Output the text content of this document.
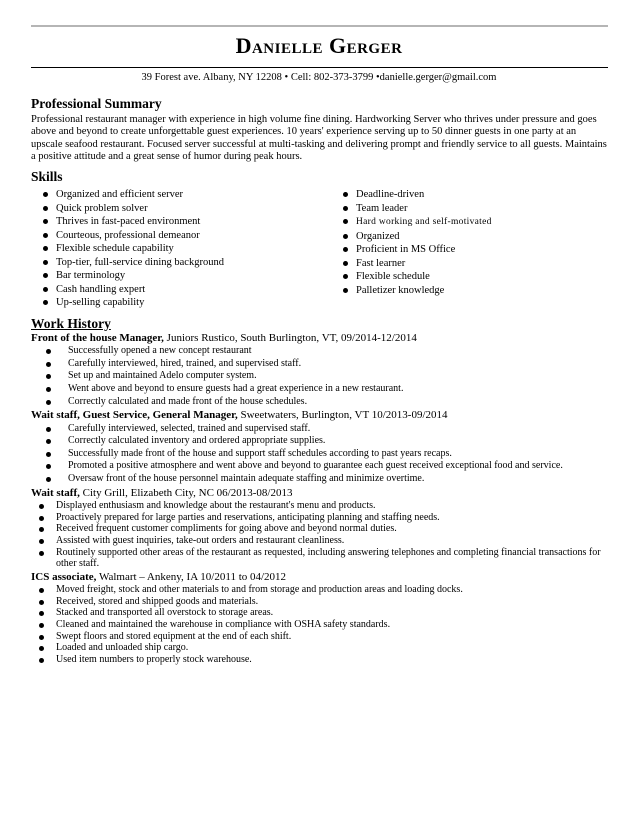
Danielle Gerger
39 Forest ave. Albany, NY 12208 • Cell: 802-373-3799 •danielle.gerger@gmail.com
Professional Summary

Professional restaurant manager with experience in high volume fine dining. Hardworking Server who thrives under pressure and goes above and beyond to create unforgettable guest experiences. 10 years' experience serving up to 50 dinner guests in one party at an upscale seafood restaurant. Focused server successful at multi-tasking and delivering prompt and friendly service to all guests. Maintains a positive attitude and a great sense of humor during peak hours.

Skills
Organized and efficient server
Quick problem solver
Thrives in fast-paced environment
Courteous, professional demeanor
Flexible schedule capability
Top-tier, full-service dining background
Bar terminology
Cash handling expert
Up-selling capability
Deadline-driven
Team leader
Hard working and self-motivated
Organized
Proficient in MS Office
Fast learner
Flexible schedule
Palletizer knowledge
Work History

Front of the house Manager, Juniors Rustico, South Burlington, VT, 09/2014-12/2014

Successfully opened a new concept restaurant
Carefully interviewed, hired, trained, and supervised staff.
Set up and maintained Adelo computer system.
Went above and beyond to ensure guests had a great experience in a new restaurant.
Correctly calculated and made front of the house schedules.

Wait staff, Guest Service, General Manager, Sweetwaters, Burlington, VT 10/2013-09/2014

Carefully interviewed, selected, trained and supervised staff.
Correctly calculated inventory and ordered appropriate supplies.
Successfully made front of the house and support staff schedules according to past years recaps.
Promoted a positive atmosphere and went above and beyond to guarantee each guest received exceptional food and service.
Oversaw front of the house personnel maintain adequate staffing and minimize overtime.

Wait staff, City Grill, Elizabeth City, NC 06/2013-08/2013

Displayed enthusiasm and knowledge about the restaurant's menu and products.
Proactively prepared for large parties and reservations, anticipating planning and staffing needs.
Received frequent customer compliments for going above and beyond normal duties.
Assisted with guest inquiries, take-out orders and restaurant cleanliness.
Routinely supported other areas of the restaurant as requested, including answering telephones and completing financial transactions for other staff.

ICS associate, Walmart – Ankeny, IA 10/2011 to 04/2012

Moved freight, stock and other materials to and from storage and production areas and loading docks.
Received, stored and shipped goods and materials.
Stacked and transported all overstock to storage areas.
Cleaned and maintained the warehouse in compliance with OSHA safety standards.
Swept floors and stored equipment at the end of each shift.
Loaded and unloaded ship cargo.
Used item numbers to properly stock warehouse.
